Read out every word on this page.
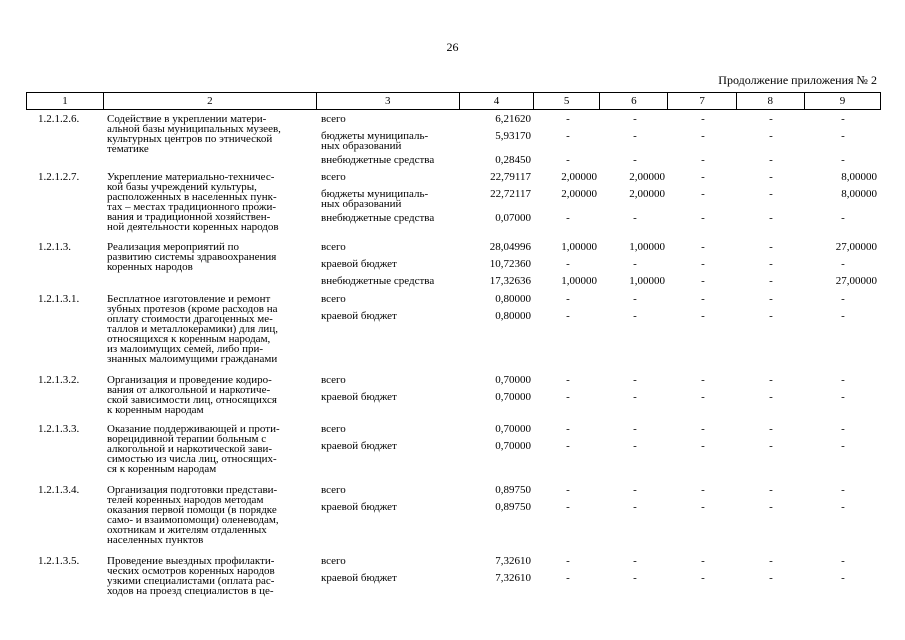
26
Продолжение приложения № 2
1	2	3	4	5	6	7	8	9
1.2.1.2.6.	Содействие в укреплении матери-
альной базы муниципальных музеев,
культурных центров по этнической
тематике
всего	6,21620	-	-	-	-	-
бюджеты муниципаль-
ных образований
5,93170	-	-	-	-	-
внебюджетные средства	0,28450	-	-	-	-	-
1.2.1.2.7.	Укрепление материально-техничес-
кой базы учреждений культуры,
расположенных в населенных пунк-
тах – местах традиционного прожи-
вания и традиционной хозяйствен-
ной деятельности коренных народов
всего	22,79117	2,00000	2,00000	-	-	8,00000
бюджеты муниципаль-
ных образований
22,72117	2,00000	2,00000	-	-	8,00000
внебюджетные средства	0,07000	-	-	-	-	-
1.2.1.3.	Реализация мероприятий по
развитию системы здравоохранения
коренных народов
всего	28,04996	1,00000	1,00000	-	-	27,00000
краевой бюджет	10,72360	-	-	-	-	-
внебюджетные средства	17,32636	1,00000	1,00000	-	-	27,00000
1.2.1.3.1.	Бесплатное изготовление и ремонт
зубных протезов (кроме расходов на
оплату стоимости драгоценных ме-
таллов и металлокерамики) для лиц,
относящихся к коренным народам,
из малоимущих семей, либо при-
знанных малоимущими гражданами
всего	0,80000	-	-	-	-	-
краевой бюджет	0,80000	-	-	-	-	-
1.2.1.3.2.	Организация и проведение кодиро-
вания от алкогольной и наркотиче-
ской зависимости лиц, относящихся
к коренным народам
всего	0,70000	-	-	-	-	-
краевой бюджет	0,70000	-	-	-	-	-
1.2.1.3.3.	Оказание поддерживающей и проти-
ворецидивной терапии больным с
алкогольной и наркотической зави-
симостью из числа лиц, относящих-
ся к коренным народам
всего	0,70000	-	-	-	-	-
краевой бюджет	0,70000	-	-	-	-	-
1.2.1.3.4.	Организация подготовки представи-
телей коренных народов методам
оказания первой помощи (в порядке
само- и взаимопомощи) оленеводам,
охотникам и жителям отдаленных
населенных пунктов
всего	0,89750	-	-	-	-	-
краевой бюджет	0,89750	-	-	-	-	-
1.2.1.3.5.	Проведение выездных профилакти-
ческих осмотров коренных народов
узкими специалистами (оплата рас-
ходов на проезд специалистов в це-
всего	7,32610	-	-	-	-	-
краевой бюджет	7,32610	-	-	-	-	-
